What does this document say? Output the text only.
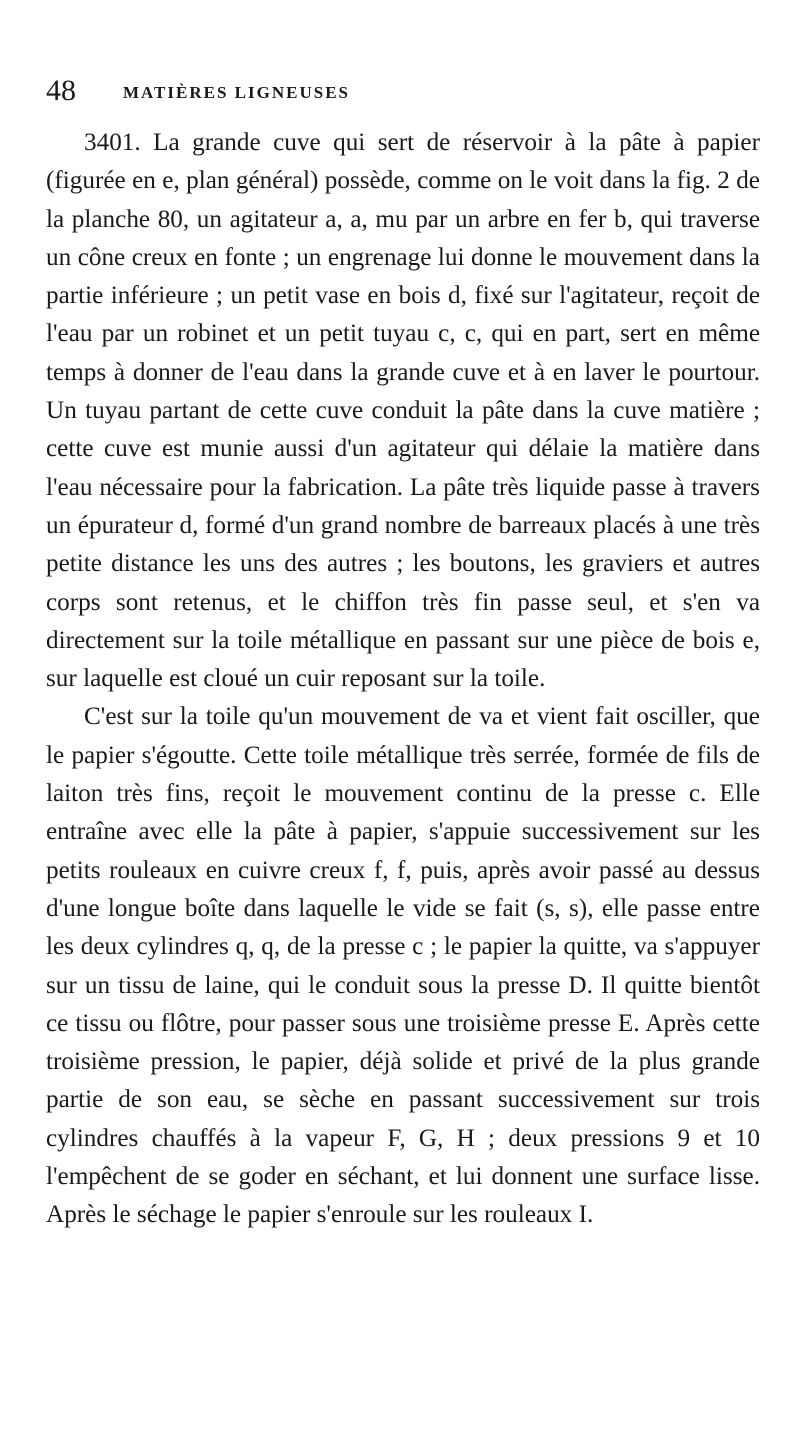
48	MATIÈRES LIGNEUSES

3401. La grande cuve qui sert de réservoir à la pâte à papier (figurée en e, plan général) possède, comme on le voit dans la fig. 2 de la planche 80, un agitateur a, a, mu par un arbre en fer b, qui traverse un cône creux en fonte ; un engrenage lui donne le mouvement dans la partie inférieure ; un petit vase en bois d, fixé sur l'agitateur, reçoit de l'eau par un robinet et un petit tuyau c, c, qui en part, sert en même temps à donner de l'eau dans la grande cuve et à en laver le pourtour. Un tuyau partant de cette cuve conduit la pâte dans la cuve matière ; cette cuve est munie aussi d'un agitateur qui délaie la matière dans l'eau nécessaire pour la fabrication. La pâte très liquide passe à travers un épurateur d, formé d'un grand nombre de barreaux placés à une très petite distance les uns des autres ; les boutons, les graviers et autres corps sont retenus, et le chiffon très fin passe seul, et s'en va directement sur la toile métallique en passant sur une pièce de bois e, sur laquelle est cloué un cuir reposant sur la toile.

C'est sur la toile qu'un mouvement de va et vient fait osciller, que le papier s'égoutte. Cette toile métallique très serrée, formée de fils de laiton très fins, reçoit le mouvement continu de la presse c. Elle entraîne avec elle la pâte à papier, s'appuie successivement sur les petits rouleaux en cuivre creux f, f, puis, après avoir passé au dessus d'une longue boîte dans laquelle le vide se fait (s, s), elle passe entre les deux cylindres q, q, de la presse c ; le papier la quitte, va s'appuyer sur un tissu de laine, qui le conduit sous la presse D. Il quitte bientôt ce tissu ou flôtre, pour passer sous une troisième presse E. Après cette troisième pression, le papier, déjà solide et privé de la plus grande partie de son eau, se sèche en passant successivement sur trois cylindres chauffés à la vapeur F, G, H ; deux pressions 9 et 10 l'empêchent de se goder en séchant, et lui donnent une surface lisse. Après le séchage le papier s'enroule sur les rouleaux I.
